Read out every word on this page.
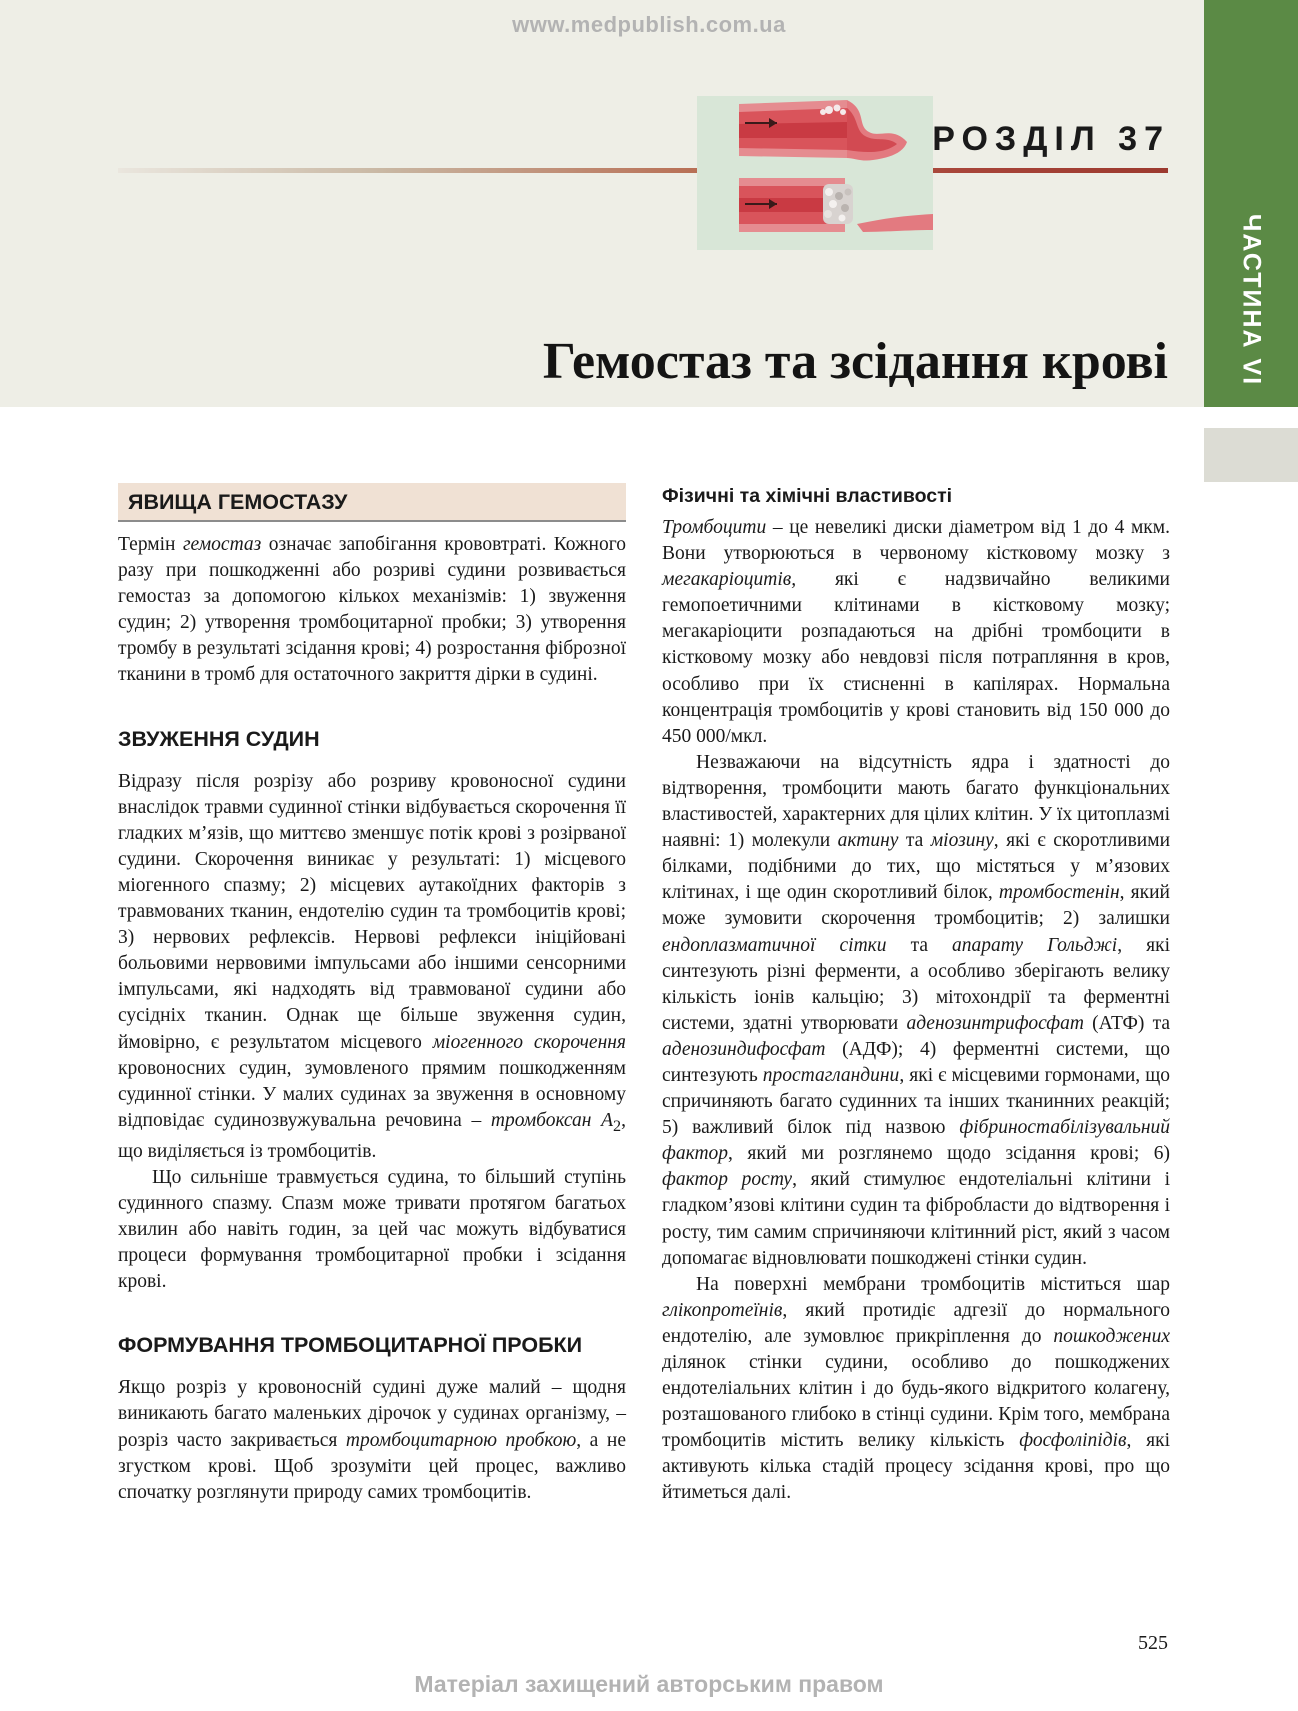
www.medpublish.com.ua
ЧАСТИНА VI
РОЗДІЛ 37
Гемостаз та зсідання крові
ЯВИЩА ГЕМОСТАЗУ

Термін гемостаз означає запобігання крововтраті. Кожного разу при пошкодженні або розриві судини розвивається гемостаз за допомогою кількох механізмів: 1) звуження судин; 2) утворення тромбоцитарної пробки; 3) утворення тромбу в результаті зсідання крові; 4) розростання фіброзної тканини в тромб для остаточного закриття дірки в судині.

ЗВУЖЕННЯ СУДИН

Відразу після розрізу або розриву кровоносної судини внаслідок травми судинної стінки відбувається скорочення її гладких м’язів, що миттєво зменшує потік крові з розірваної судини. Скорочення виникає у результаті: 1) місцевого міогенного спазму; 2) місцевих аутакоїдних факторів з травмованих тканин, ендотелію судин та тромбоцитів крові; 3) нервових рефлексів. Нервові рефлекси ініційовані больовими нервовими імпульсами або іншими сенсорними імпульсами, які надходять від травмованої судини або сусідніх тканин. Однак ще більше звуження судин, ймовірно, є результатом місцевого міогенного скорочення кровоносних судин, зумовленого прямим пошкодженням судинної стінки. У малих судинах за звуження в основному відповідає судинозвужувальна речовина – тромбоксан $A_2$, що виділяється із тромбоцитів.

Що сильніше травмується судина, то більший ступінь судинного спазму. Спазм може тривати протягом багатьох хвилин або навіть годин, за цей час можуть відбуватися процеси формування тромбоцитарної пробки і зсідання крові.

ФОРМУВАННЯ ТРОМБОЦИТАРНОЇ ПРОБКИ

Якщо розріз у кровоносній судині дуже малий – щодня виникають багато маленьких дірочок у судинах організму, – розріз часто закривається тромбоцитарною пробкою, а не згустком крові. Щоб зрозуміти цей процес, важливо спочатку розглянути природу самих тромбоцитів.

Фізичні та хімічні властивості

Тромбоцити – це невеликі диски діаметром від 1 до 4 мкм. Вони утворюються в червоному кістковому мозку з мегакаріоцитів, які є надзвичайно великими гемопоетичними клітинами в кістковому мозку; мегакаріоцити розпадаються на дрібні тромбоцити в кістковому мозку або невдовзі після потрапляння в кров, особливо при їх стисненні в капілярах. Нормальна концентрація тромбоцитів у крові становить від 150 000 до 450 000/мкл.

Незважаючи на відсутність ядра і здатності до відтворення, тромбоцити мають багато функціональних властивостей, характерних для цілих клітин. У їх цитоплазмі наявні: 1) молекули актину та міозину, які є скоротливими білками, подібними до тих, що містяться у м’язових клітинах, і ще один скоротливий білок, тромбостенін, який може зумовити скорочення тромбоцитів; 2) залишки ендоплазматичної сітки та апарату Гольджі, які синтезують різні ферменти, а особливо зберігають велику кількість іонів кальцію; 3) мітохондрії та ферментні системи, здатні утворювати аденозинтрифосфат (АТФ) та аденозиндифосфат (АДФ); 4) ферментні системи, що синтезують простагландини, які є місцевими гормонами, що спричиняють багато судинних та інших тканинних реакцій; 5) важливий білок під назвою фібриностабілізувальний фактор, який ми розглянемо щодо зсідання крові; 6) фактор росту, який стимулює ендотеліальні клітини і гладком’язові клітини судин та фібробласти до відтворення і росту, тим самим спричиняючи клітинний ріст, який з часом допомагає відновлювати пошкоджені стінки судин.

На поверхні мембрани тромбоцитів міститься шар глікопротеїнів, який протидіє адгезії до нормального ендотелію, але зумовлює прикріплення до пошкоджених ділянок стінки судини, особливо до пошкоджених ендотеліальних клітин і до будь-якого відкритого колагену, розташованого глибоко в стінці судини. Крім того, мембрана тромбоцитів містить велику кількість фосфоліпідів, які активують кілька стадій процесу зсідання крові, про що йтиметься далі.

525
Матеріал захищений авторським правом
